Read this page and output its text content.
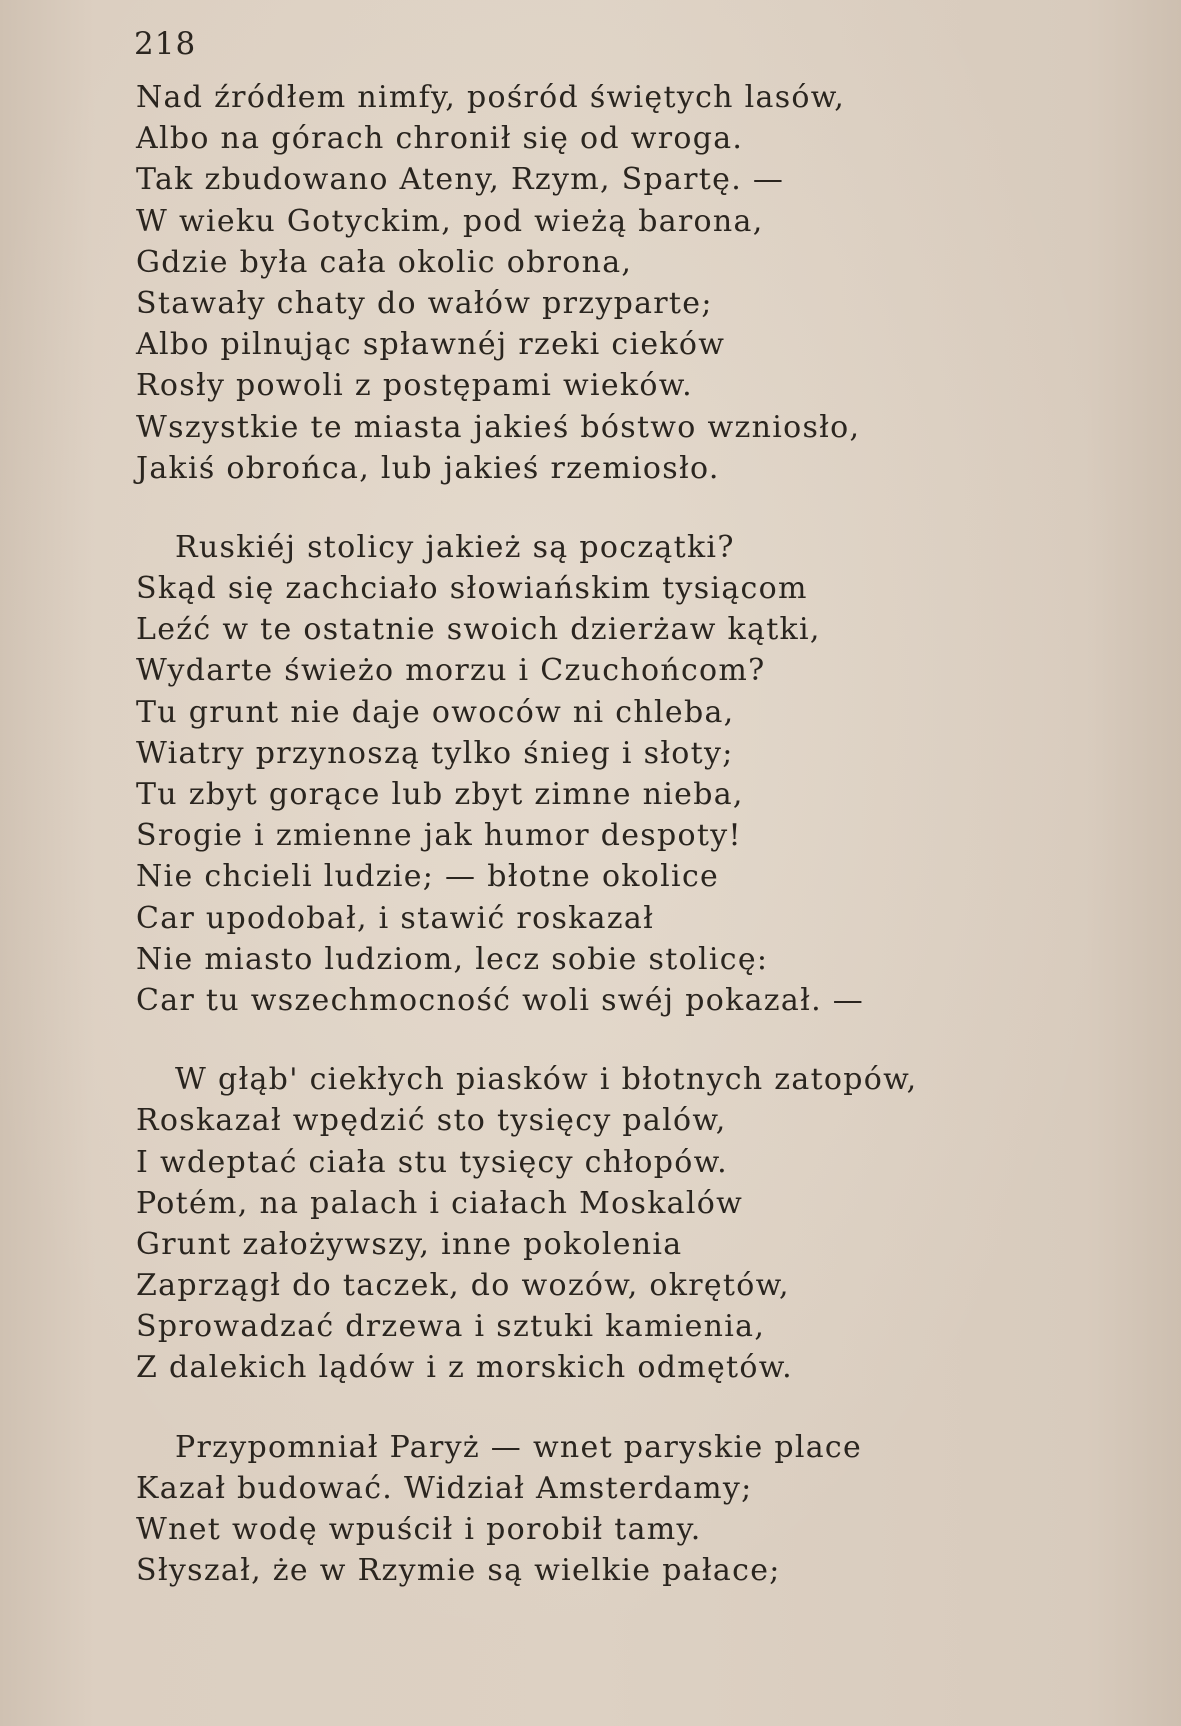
218
Nad źródłem nimfy, pośród świętych lasów,
Albo na górach chronił się od wroga.
Tak zbudowano Ateny, Rzym, Spartę. —
W wieku Gotyckim, pod wieżą barona,
Gdzie była cała okolic obrona,
Stawały chaty do wałów przyparte;
Albo pilnując spławnéj rzeki cieków
Rosły powoli z postępami wieków.
Wszystkie te miasta jakieś bóstwo wzniosło,
Jakiś obrońca, lub jakieś rzemiosło.
Ruskiéj stolicy jakież są początki?
Skąd się zachciało słowiańskim tysiącom
Leźć w te ostatnie swoich dzierżaw kątki,
Wydarte świeżo morzu i Czuchońcom?
Tu grunt nie daje owoców ni chleba,
Wiatry przynoszą tylko śnieg i słoty;
Tu zbyt gorące lub zbyt zimne nieba,
Srogie i zmienne jak humor despoty!
Nie chcieli ludzie; — błotne okolice
Car upodobał, i stawić roskazał
Nie miasto ludziom, lecz sobie stolicę:
Car tu wszechmocność woli swéj pokazał. —
W głąb' ciekłych piasków i błotnych zatopów,
Roskazał wpędzić sto tysięcy palów,
I wdeptać ciała stu tysięcy chłopów.
Potém, na palach i ciałach Moskalów
Grunt założywszy, inne pokolenia
Zaprzągł do taczek, do wozów, okrętów,
Sprowadzać drzewa i sztuki kamienia,
Z dalekich lądów i z morskich odmętów.
Przypomniał Paryż — wnet paryskie place
Kazał budować. Widział Amsterdamy;
Wnet wodę wpuścił i porobił tamy.
Słyszał, że w Rzymie są wielkie pałace;
